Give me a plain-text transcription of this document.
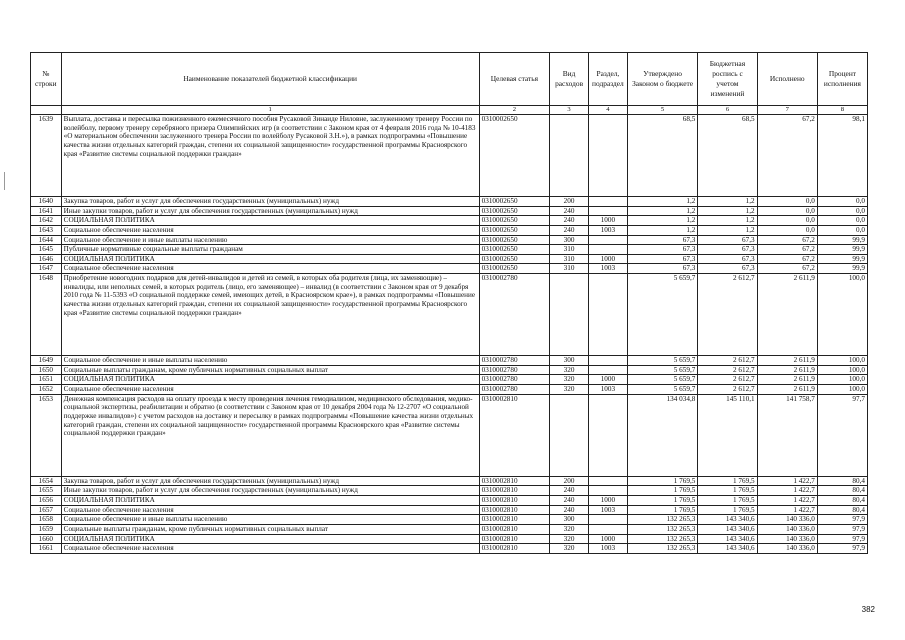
№ строки	Наименование показателей бюджетной классификации	Целевая статья	Вид расходов	Раздел, подраздел	Утверждено Законом о бюджете	Бюджетная роспись с учетом изменений	Исполнено	Процент исполнения
	1	2	3	4	5	6	7	8
1639	Выплата, доставка и пересылка пожизненного ежемесячного пособия Русаковой Зинаиде Ниловне, заслуженному тренеру России по волейболу, первому тренеру серебряного призера Олимпийских игр (в соответствии с Законом края от 4 февраля 2016 года № 10-4183 «О материальном обеспечении заслуженного тренера России по волейболу Русаковой З.Н.»), в рамках подпрограммы «Повышение качества жизни отдельных категорий граждан, степени их социальной защищенности» государственной программы Красноярского края «Развитие системы социальной поддержки граждан»	0310002650			68,5	68,5	67,2	98,1
1640	Закупка товаров, работ и услуг для обеспечения государственных (муниципальных) нужд	0310002650	200		1,2	1,2	0,0	0,0
1641	Иные закупки товаров, работ и услуг для обеспечения государственных (муниципальных) нужд	0310002650	240		1,2	1,2	0,0	0,0
1642	СОЦИАЛЬНАЯ ПОЛИТИКА	0310002650	240	1000	1,2	1,2	0,0	0,0
1643	Социальное обеспечение населения	0310002650	240	1003	1,2	1,2	0,0	0,0
1644	Социальное обеспечение и иные выплаты населению	0310002650	300		67,3	67,3	67,2	99,9
1645	Публичные нормативные социальные выплаты гражданам	0310002650	310		67,3	67,3	67,2	99,9
1646	СОЦИАЛЬНАЯ ПОЛИТИКА	0310002650	310	1000	67,3	67,3	67,2	99,9
1647	Социальное обеспечение населения	0310002650	310	1003	67,3	67,3	67,2	99,9
1648	Приобретение новогодних подарков для детей-инвалидов и детей из семей, в которых оба родителя (лица, их заменяющие) – инвалиды, или неполных семей, в которых родитель (лицо, его заменяющее) – инвалид (в соответствии с Законом края от 9 декабря 2010 года № 11-5393 «О социальной поддержке семей, имеющих детей, в Красноярском крае»), в рамках подпрограммы «Повышение качества жизни отдельных категорий граждан, степени их социальной защищенности» государственной программы Красноярского края «Развитие системы социальной поддержки граждан»	0310002780			5 659,7	2 612,7	2 611,9	100,0
1649	Социальное обеспечение и иные выплаты населению	0310002780	300		5 659,7	2 612,7	2 611,9	100,0
1650	Социальные выплаты гражданам, кроме публичных нормативных социальных выплат	0310002780	320		5 659,7	2 612,7	2 611,9	100,0
1651	СОЦИАЛЬНАЯ ПОЛИТИКА	0310002780	320	1000	5 659,7	2 612,7	2 611,9	100,0
1652	Социальное обеспечение населения	0310002780	320	1003	5 659,7	2 612,7	2 611,9	100,0
1653	Денежная компенсация расходов на оплату проезда к месту проведения лечения гемодиализом, медицинского обследования, медико-социальной экспертизы, реабилитации и обратно (в соответствии с Законом края от 10 декабря 2004 года № 12-2707 «О социальной поддержке инвалидов») с учетом расходов на доставку и пересылку в рамках подпрограммы «Повышение качества жизни отдельных категорий граждан, степени их социальной защищенности» государственной программы Красноярского края «Развитие системы социальной поддержки граждан»	0310002810			134 034,8	145 110,1	141 758,7	97,7
1654	Закупка товаров, работ и услуг для обеспечения государственных (муниципальных) нужд	0310002810	200		1 769,5	1 769,5	1 422,7	80,4
1655	Иные закупки товаров, работ и услуг для обеспечения государственных (муниципальных) нужд	0310002810	240		1 769,5	1 769,5	1 422,7	80,4
1656	СОЦИАЛЬНАЯ ПОЛИТИКА	0310002810	240	1000	1 769,5	1 769,5	1 422,7	80,4
1657	Социальное обеспечение населения	0310002810	240	1003	1 769,5	1 769,5	1 422,7	80,4
1658	Социальное обеспечение и иные выплаты населению	0310002810	300		132 265,3	143 340,6	140 336,0	97,9
1659	Социальные выплаты гражданам, кроме публичных нормативных социальных выплат	0310002810	320		132 265,3	143 340,6	140 336,0	97,9
1660	СОЦИАЛЬНАЯ ПОЛИТИКА	0310002810	320	1000	132 265,3	143 340,6	140 336,0	97,9
1661	Социальное обеспечение населения	0310002810	320	1003	132 265,3	143 340,6	140 336,0	97,9
382
